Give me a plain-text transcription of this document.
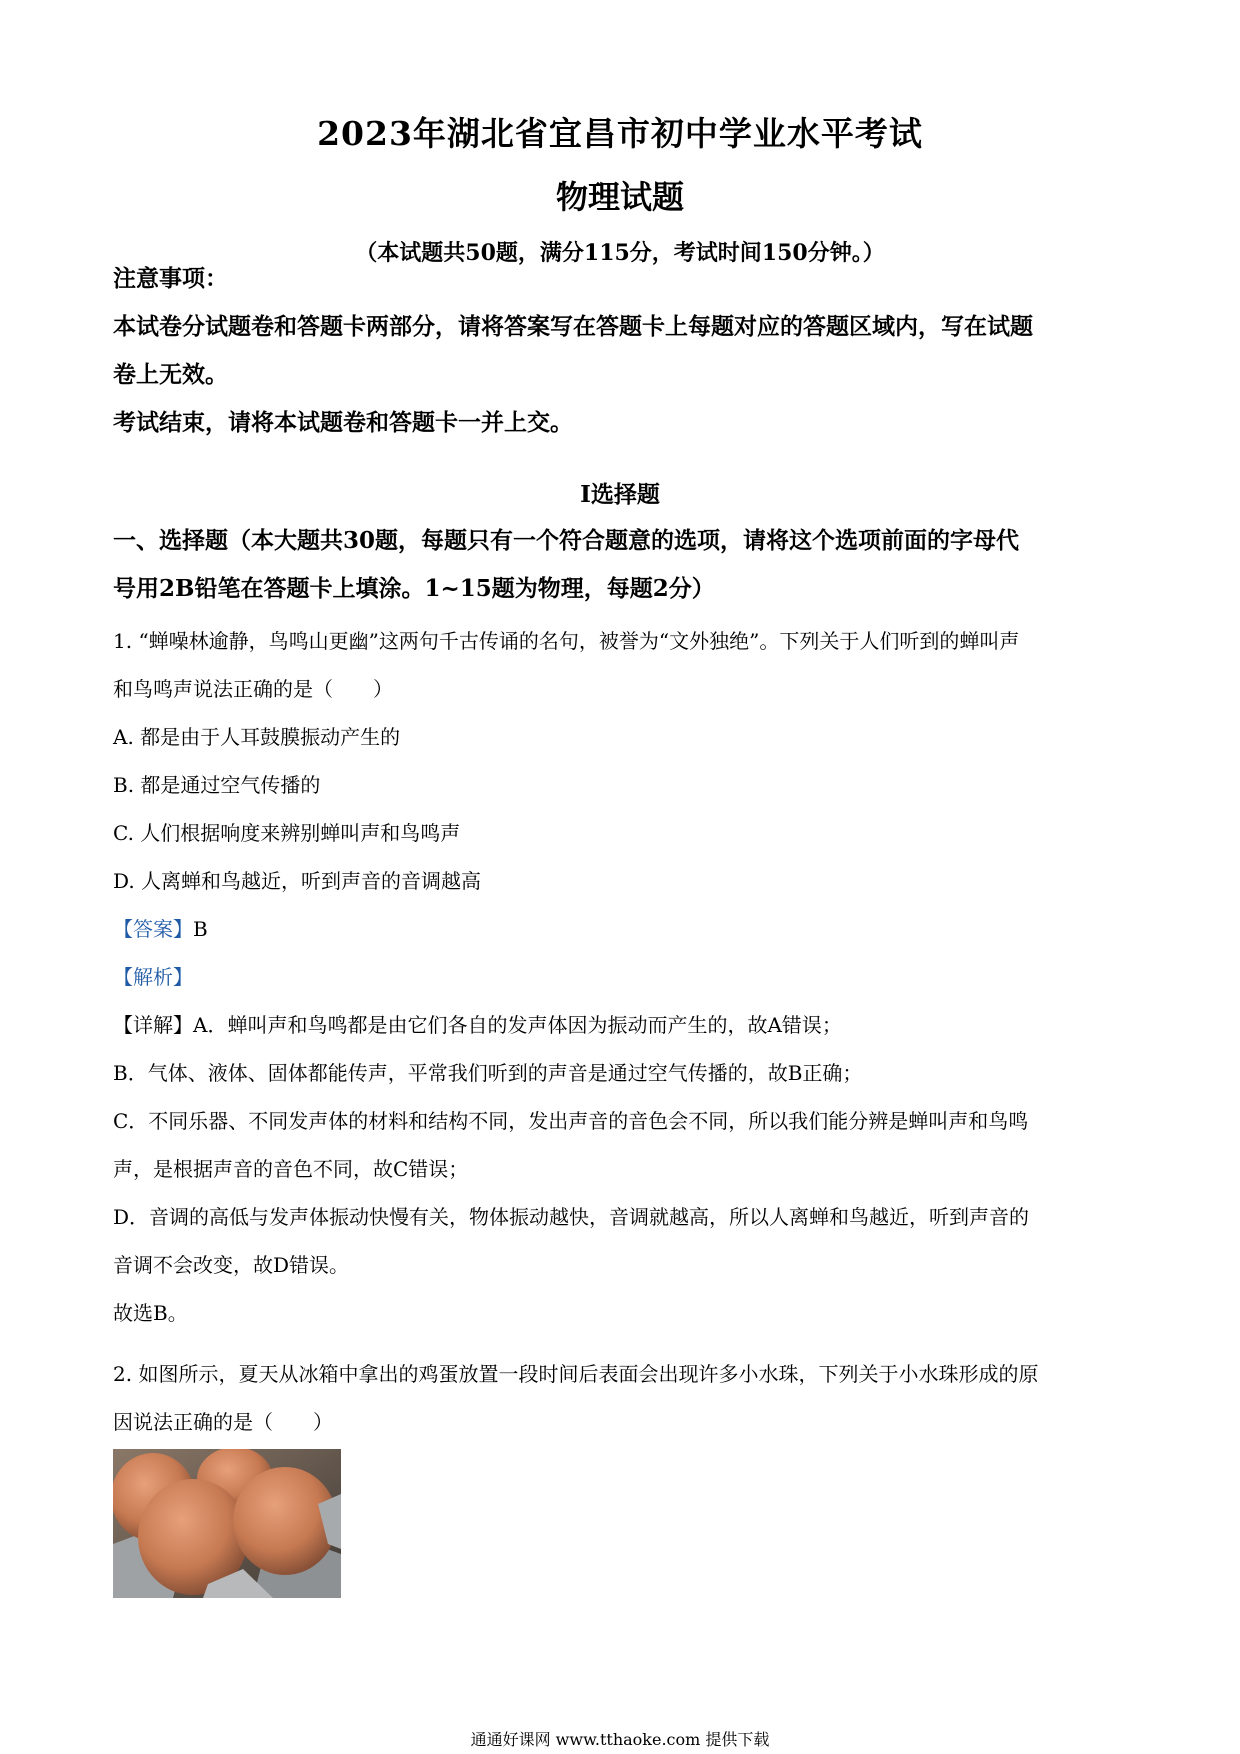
2023年湖北省宜昌市初中学业水平考试
物理试题
（本试题共50题，满分115分，考试时间150分钟。）
注意事项：
本试卷分试题卷和答题卡两部分，请将答案写在答题卡上每题对应的答题区域内，写在试题
卷上无效。
考试结束，请将本试题卷和答题卡一并上交。
I选择题
一、选择题（本大题共30题，每题只有一个符合题意的选项，请将这个选项前面的字母代
号用2B铅笔在答题卡上填涂。1~15题为物理，每题2分）
1. “蝉噪林逾静，鸟鸣山更幽”这两句千古传诵的名句，被誉为“文外独绝”。下列关于人们听到的蝉叫声
和鸟鸣声说法正确的是（　　）
A. 都是由于人耳鼓膜振动产生的
B. 都是通过空气传播的
C. 人们根据响度来辨别蝉叫声和鸟鸣声
D. 人离蝉和鸟越近，听到声音的音调越高
【答案】B
【解析】
【详解】A．蝉叫声和鸟鸣都是由它们各自的发声体因为振动而产生的，故A错误；
B．气体、液体、固体都能传声，平常我们听到的声音是通过空气传播的，故B正确；
C．不同乐器、不同发声体的材料和结构不同，发出声音的音色会不同，所以我们能分辨是蝉叫声和鸟鸣
声，是根据声音的音色不同，故C错误；
D．音调的高低与发声体振动快慢有关，物体振动越快，音调就越高，所以人离蝉和鸟越近，听到声音的
音调不会改变，故D错误。
故选B。
2. 如图所示，夏天从冰箱中拿出的鸡蛋放置一段时间后表面会出现许多小水珠，下列关于小水珠形成的原
因说法正确的是（　　）
通通好课网 www.tthaoke.com 提供下载
